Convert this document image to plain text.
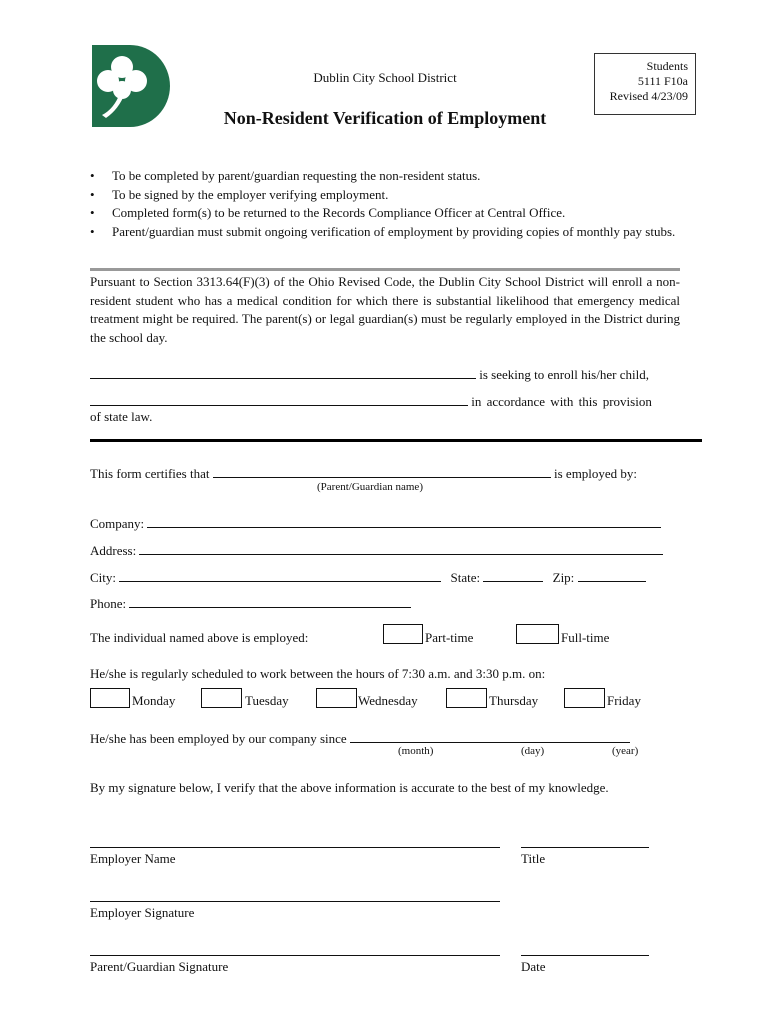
Dublin City School District
Students
5111 F10a
Revised 4/23/09
Non-Resident Verification of Employment
• To be completed by parent/guardian requesting the non-resident status.
• To be signed by the employer verifying employment.
• Completed form(s) to be returned to the Records Compliance Officer at Central Office.
• Parent/guardian must submit ongoing verification of employment by providing copies of monthly pay stubs.
Pursuant to Section 3313.64(F)(3) of the Ohio Revised Code, the Dublin City School District will enroll a non-resident student who has a medical condition for which there is substantial likelihood that emergency medical treatment might be required. The parent(s) or legal guardian(s) must be regularly employed in the District during the school day.
is seeking to enroll his/her child,
in accordance with this provision
of state law.
This form certifies that	is employed by:
(Parent/Guardian name)
Company:
Address:
City:	State:	Zip:
Phone:
The individual named above is employed:	Part-time	Full-time
He/she is regularly scheduled to work between the hours of 7:30 a.m. and 3:30 p.m. on:
Monday	Tuesday	Wednesday	Thursday	Friday
He/she has been employed by our company since
(month)	(day)	(year)
By my signature below, I verify that the above information is accurate to the best of my knowledge.
Employer Name	Title
Employer Signature
Parent/Guardian Signature	Date
